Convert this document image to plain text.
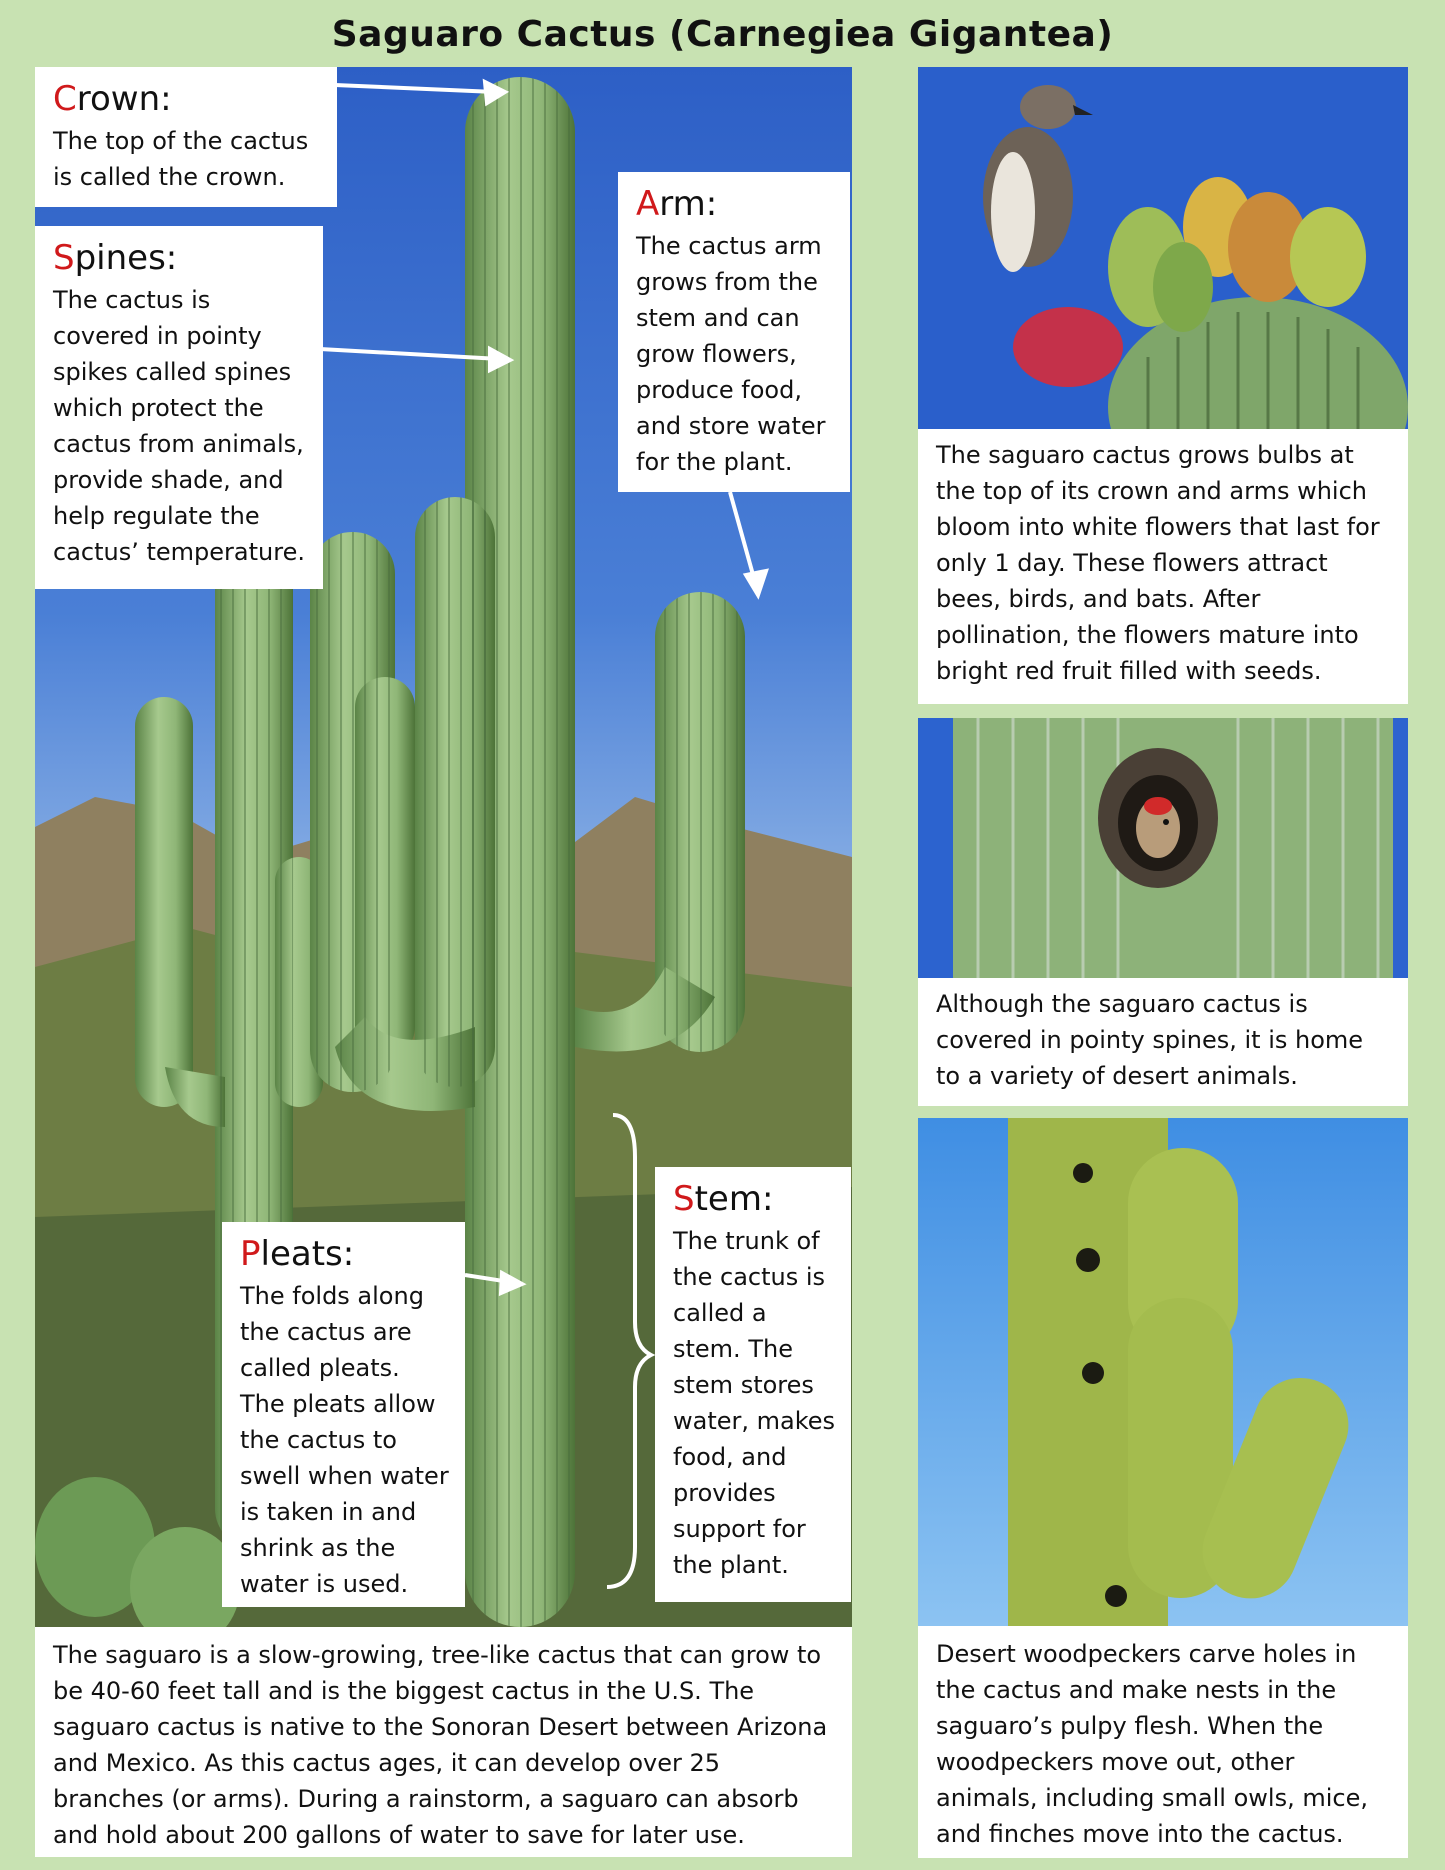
Saguaro Cactus (Carnegiea Gigantea)
Crown:
The top of the cactus is called the crown.
Spines:
The cactus is covered in pointy spikes called spines which protect the cactus from animals, provide shade, and help regulate the cactus’ temperature.
Arm:
The cactus arm grows from the stem and can grow flowers, produce food, and store water for the plant.
Stem:
The trunk of the cactus is called a stem. The stem stores water, makes food, and provides support for the plant.
Pleats:
The folds along the cactus are called pleats. The pleats allow the cactus to swell when water is taken in and shrink as the water is used.
The saguaro is a slow-growing, tree-like cactus that can grow to be 40-60 feet tall and is the biggest cactus in the U.S. The saguaro cactus is native to the Sonoran Desert between Arizona and Mexico. As this cactus ages, it can develop over 25 branches (or arms). During a rainstorm, a saguaro can absorb and hold about 200 gallons of water to save for later use.
The saguaro cactus grows bulbs at the top of its crown and arms which bloom into white flowers that last for only 1 day. These flowers attract bees, birds, and bats. After pollination, the flowers mature into bright red fruit filled with seeds.
Although the saguaro cactus is covered in pointy spines, it is home to a variety of desert animals.
Desert woodpeckers carve holes in the cactus and make nests in the saguaro’s pulpy flesh. When the woodpeckers move out, other animals, including small owls, mice, and finches move into the cactus.
